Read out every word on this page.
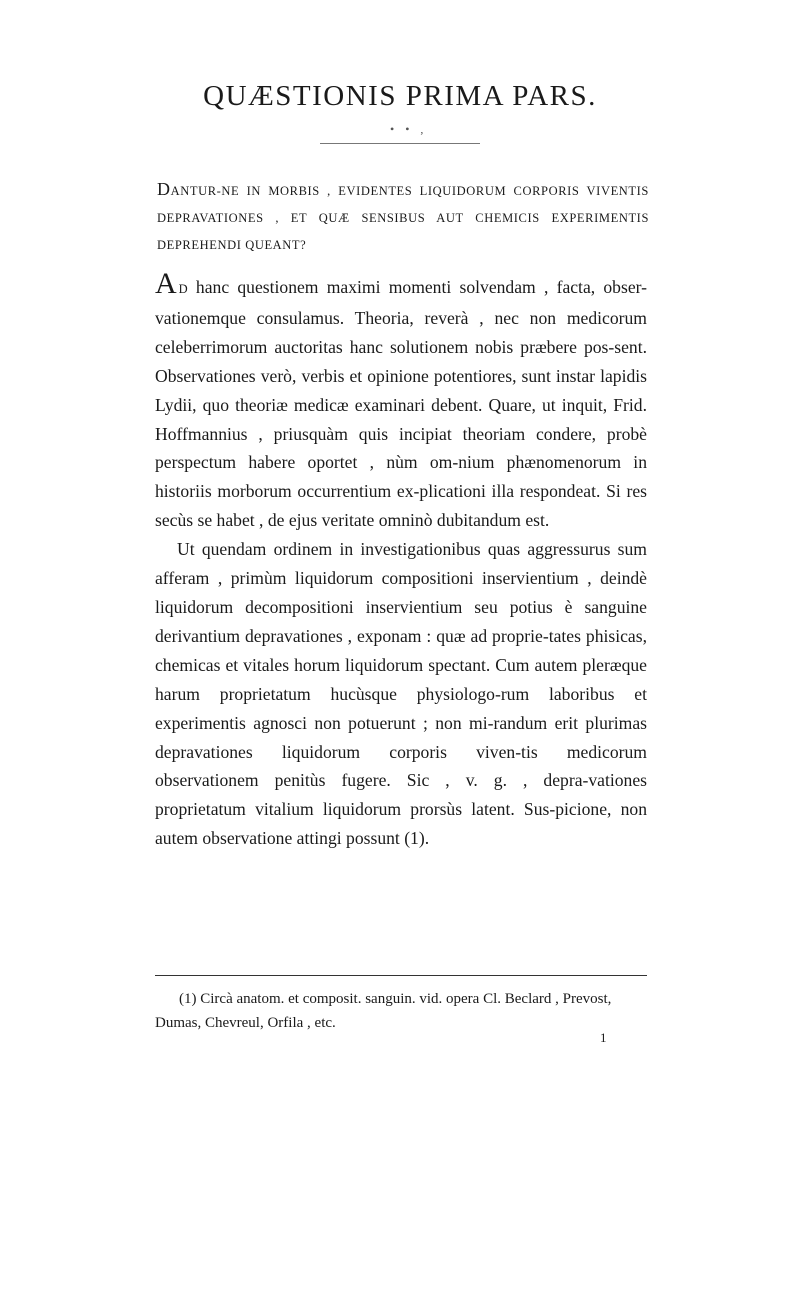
QUÆSTIONIS PRIMA PARS.
• • ,

DANTUR-NE IN MORBIS , EVIDENTES LIQUIDORUM CORPORIS VIVENTIS DEPRAVATIONES , ET QUÆ SENSIBUS AUT CHEMICIS EXPERIMENTIS DEPREHENDI QUEANT?

A D hanc questionem maximi momenti solvendam , facta, obser-vationemque consulamus. Theoria, reverà , nec non medicorum celeberrimorum auctoritas hanc solutionem nobis præbere pos-sent. Observationes verò, verbis et opinione potentiores, sunt instar lapidis Lydii, quo theoriæ medicæ examinari debent. Quare, ut inquit, Frid. Hoffmannius , priusquàm quis incipiat theoriam condere, probè perspectum habere oportet , nùm om-nium phænomenorum in historiis morborum occurrentium ex-plicationi illa respondeat. Si res secùs se habet , de ejus veritate omninò dubitandum est.

Ut quendam ordinem in investigationibus quas aggressurus sum afferam , primùm liquidorum compositioni inservientium , deindè liquidorum decompositioni inservientium seu potius è sanguine derivantium depravationes , exponam : quæ ad proprie-tates phisicas, chemicas et vitales horum liquidorum spectant. Cum autem pleræque harum proprietatum hucùsque physiologo-rum laboribus et experimentis agnosci non potuerunt ; non mi-randum erit plurimas depravationes liquidorum corporis viven-tis medicorum observationem penitùs fugere. Sic , v. g. , depra-vationes proprietatum vitalium liquidorum prorsùs latent. Sus-picione, non autem observatione attingi possunt (1).

(1) Circà anatom. et composit. sanguin. vid. opera Cl. Beclard , Prevost, Dumas, Chevreul, Orfila , etc.

1
